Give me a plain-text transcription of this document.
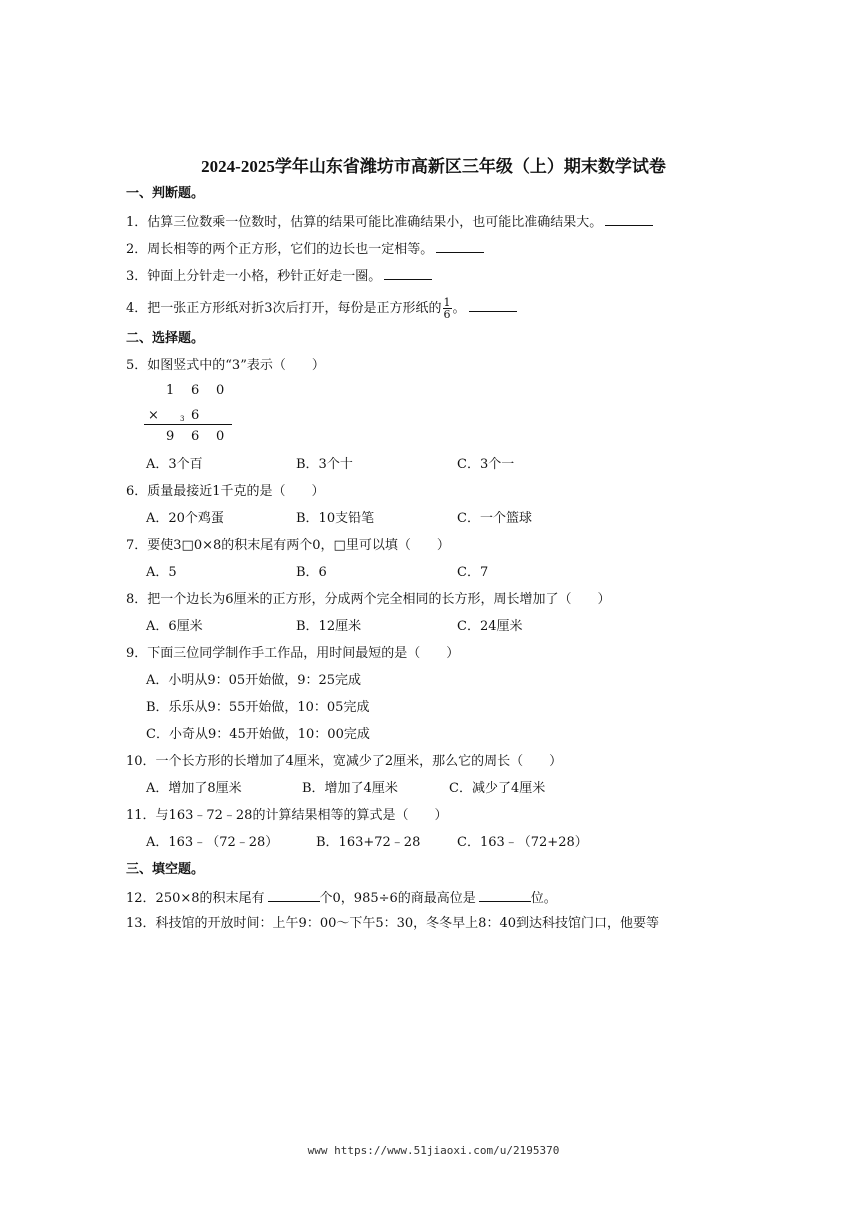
2024-2025学年山东省潍坊市高新区三年级（上）期末数学试卷
一、判断题。
1．估算三位数乘一位数时，估算的结果可能比准确结果小，也可能比准确结果大。
2．周长相等的两个正方形，它们的边长也一定相等。
3．钟面上分针走一小格，秒针正好走一圈。
4．把一张正方形纸对折3次后打开，每份是正方形纸的 $\frac{1}{6}$ 。
二、选择题。
5．如图竖式中的“3”表示（　　）
1 6 0
×	3 6
9 6 0
A．3个百	B．3个十	C．3个一
6．质量最接近1千克的是（　　）
A．20个鸡蛋	B．10支铅笔	C．一个篮球
7．要使3□0×8的积末尾有两个0，□里可以填（　　）
A．5	B．6	C．7
8．把一个边长为6厘米的正方形，分成两个完全相同的长方形，周长增加了（　　）
A．6厘米	B．12厘米	C．24厘米
9．下面三位同学制作手工作品，用时间最短的是（　　）
A．小明从9：05开始做，9：25完成
B．乐乐从9：55开始做，10：05完成
C．小奇从9：45开始做，10：00完成
10．一个长方形的长增加了4厘米，宽减少了2厘米，那么它的周长（　　）
A．增加了8厘米	B．增加了4厘米	C．减少了4厘米
11．与163﹣72﹣28的计算结果相等的算式是（　　）
A．163﹣（72﹣28）	B．163+72﹣28	C．163﹣（72+28）
三、填空题。
12．250×8的积末尾有	个0，985÷6的商最高位是	位。
13．科技馆的开放时间：上午9：00～下午5：30，冬冬早上8：40到达科技馆门口，他要等
www https://www.51jiaoxi.com/u/2195370
